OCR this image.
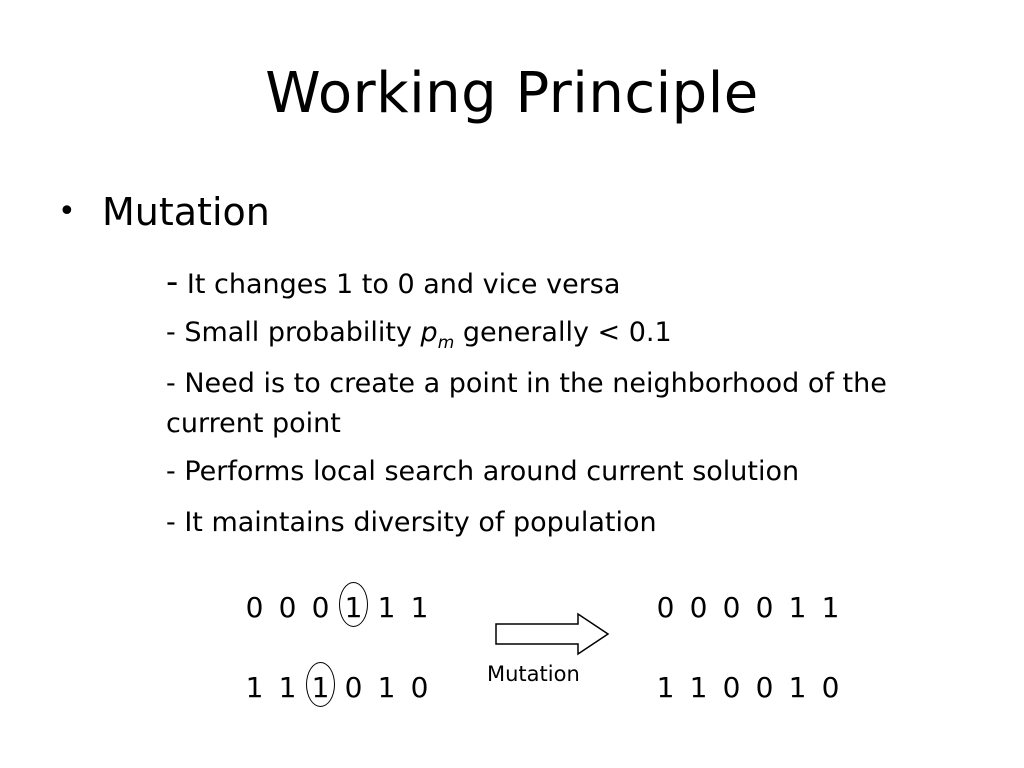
Working Principle
• Mutation
- It changes 1 to 0 and vice versa
- Small probability $p_m$ generally < 0.1
- Need is to create a point in the neighborhood of the current point
- Performs local search around current solution
- It maintains diversity of population
0 0 0 1 1 1
1 1 1 0 1 0
0 0 0 0 1 1
1 1 0 0 1 0
Mutation
